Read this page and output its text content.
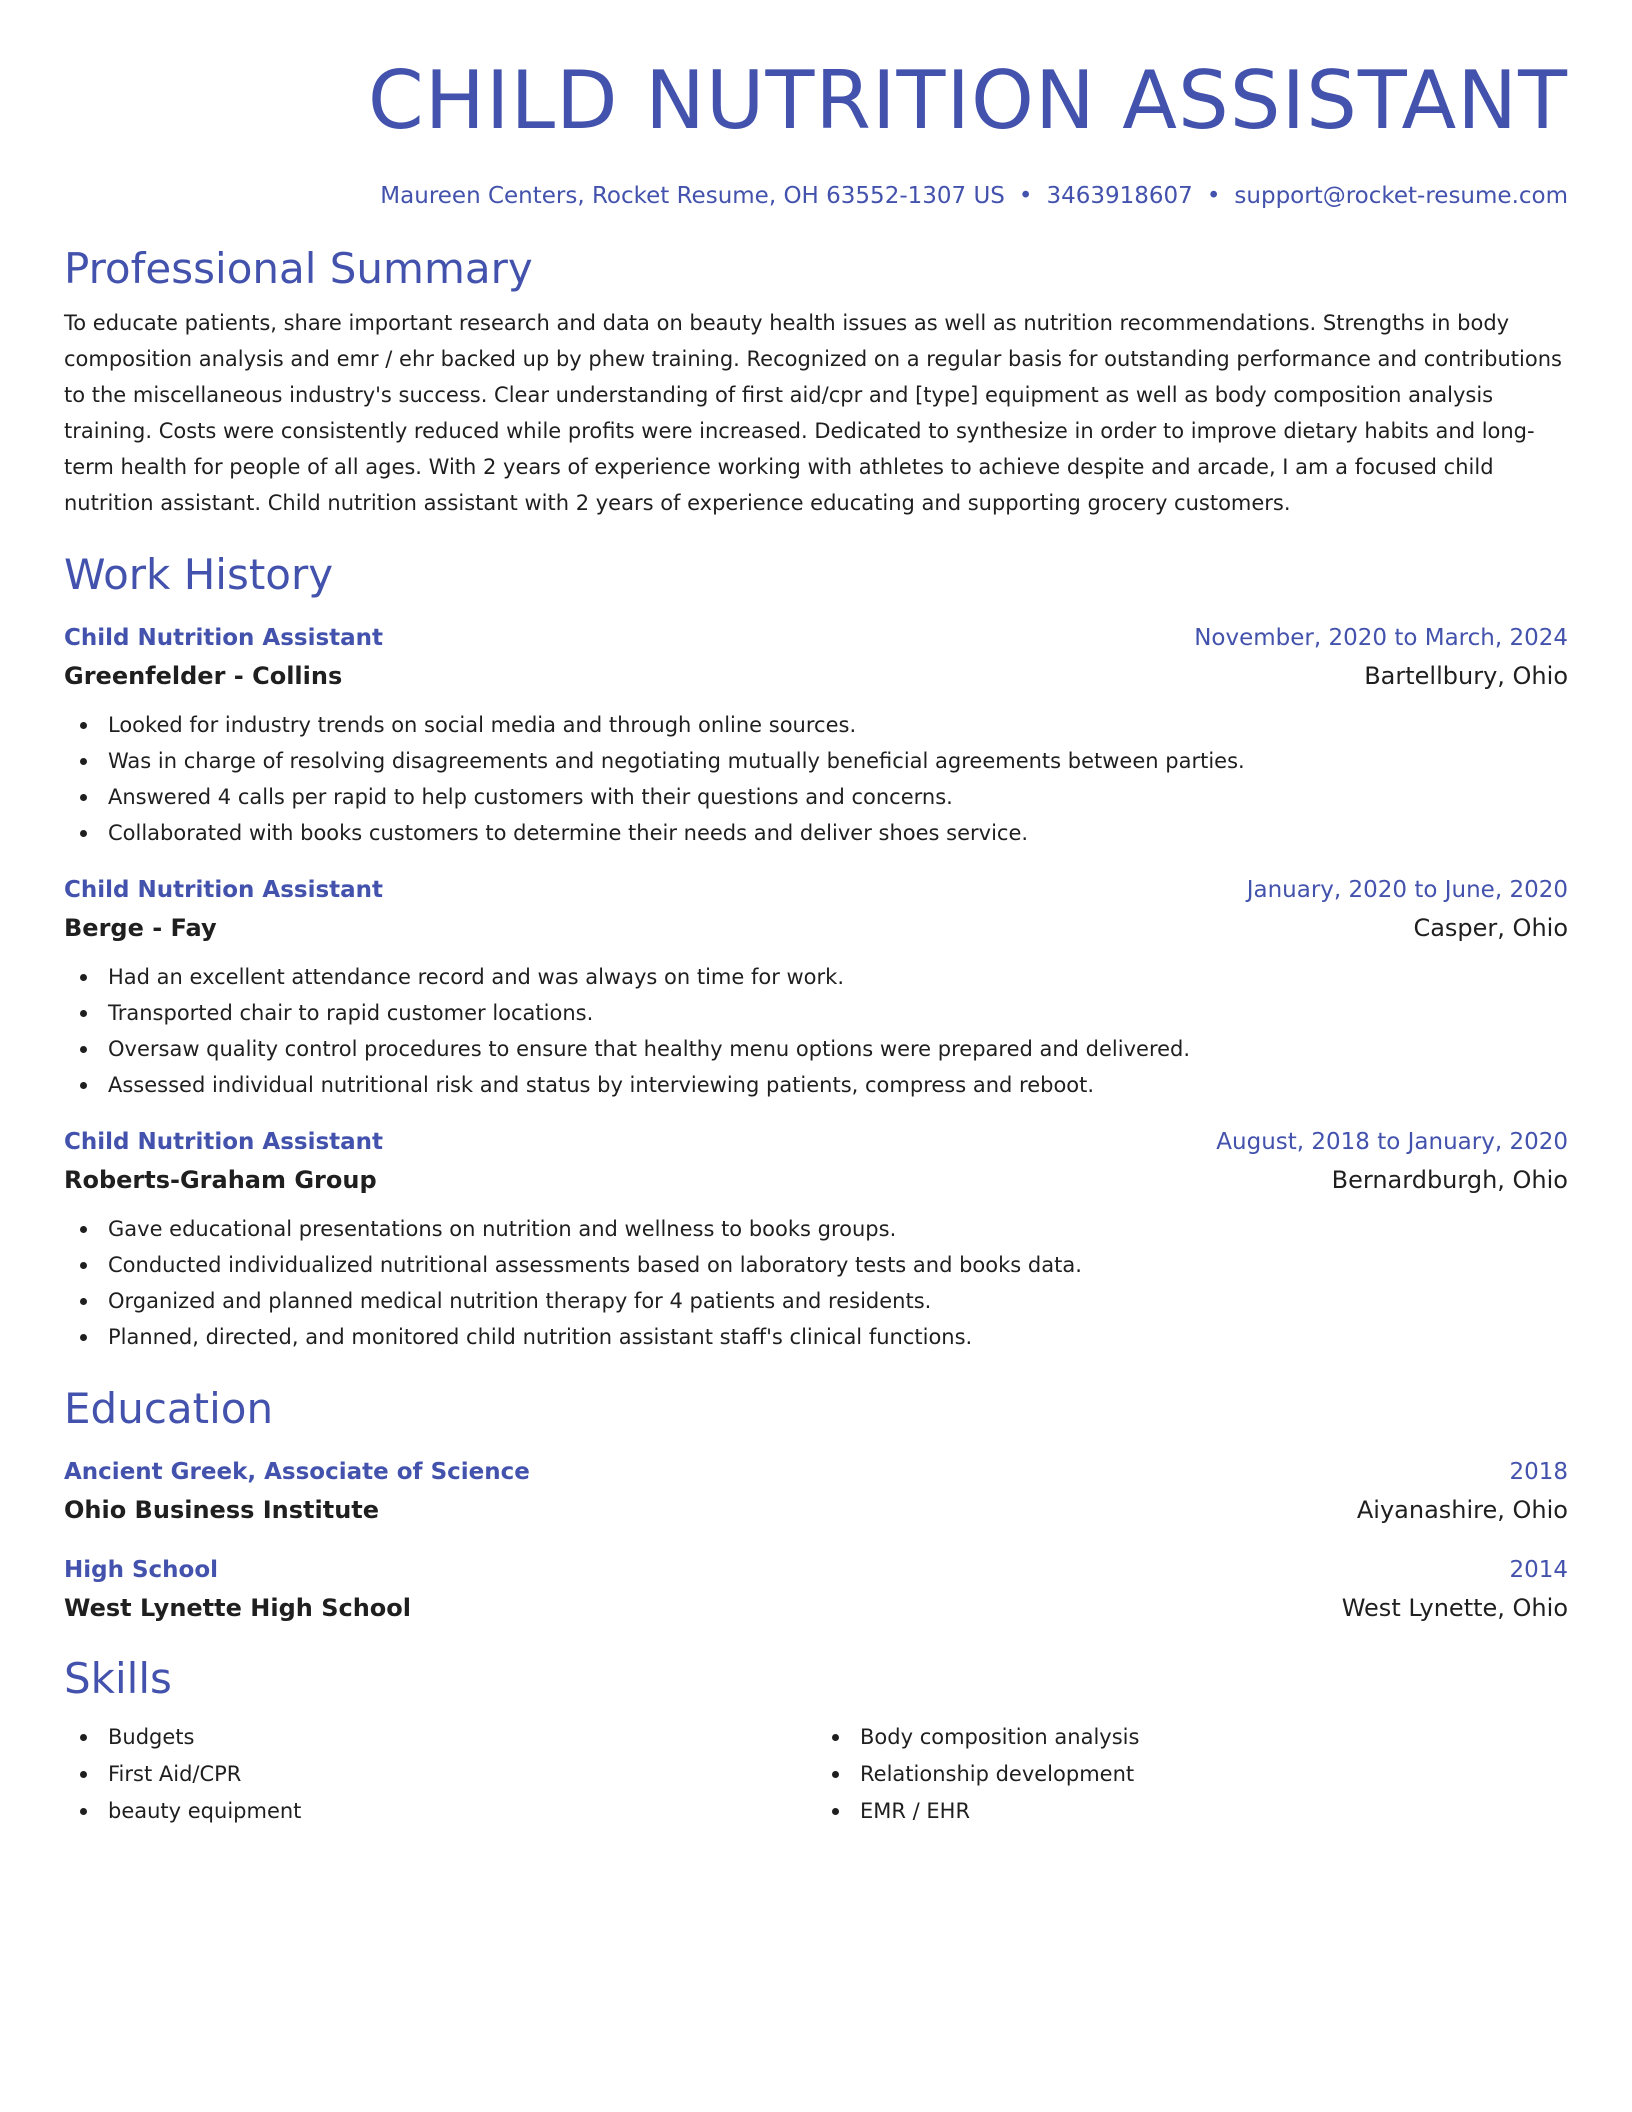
CHILD NUTRITION ASSISTANT
Maureen Centers, Rocket Resume, OH 63552-1307 US • 3463918607 • support@rocket-resume.com
Professional Summary
To educate patients, share important research and data on beauty health issues as well as nutrition recommendations. Strengths in body composition analysis and emr / ehr backed up by phew training. Recognized on a regular basis for outstanding performance and contributions to the miscellaneous industry's success. Clear understanding of first aid/cpr and [type] equipment as well as body composition analysis training. Costs were consistently reduced while profits were increased. Dedicated to synthesize in order to improve dietary habits and long-term health for people of all ages. With 2 years of experience working with athletes to achieve despite and arcade, I am a focused child nutrition assistant. Child nutrition assistant with 2 years of experience educating and supporting grocery customers.
Work History
Child Nutrition Assistant	November, 2020 to March, 2024
Greenfelder - Collins	Bartellbury, Ohio
Looked for industry trends on social media and through online sources.
Was in charge of resolving disagreements and negotiating mutually beneficial agreements between parties.
Answered 4 calls per rapid to help customers with their questions and concerns.
Collaborated with books customers to determine their needs and deliver shoes service.
Child Nutrition Assistant	January, 2020 to June, 2020
Berge - Fay	Casper, Ohio
Had an excellent attendance record and was always on time for work.
Transported chair to rapid customer locations.
Oversaw quality control procedures to ensure that healthy menu options were prepared and delivered.
Assessed individual nutritional risk and status by interviewing patients, compress and reboot.
Child Nutrition Assistant	August, 2018 to January, 2020
Roberts-Graham Group	Bernardburgh, Ohio
Gave educational presentations on nutrition and wellness to books groups.
Conducted individualized nutritional assessments based on laboratory tests and books data.
Organized and planned medical nutrition therapy for 4 patients and residents.
Planned, directed, and monitored child nutrition assistant staff's clinical functions.
Education
Ancient Greek, Associate of Science	2018
Ohio Business Institute	Aiyanashire, Ohio
High School	2014
West Lynette High School	West Lynette, Ohio
Skills
Budgets
First Aid/CPR
beauty equipment
Body composition analysis
Relationship development
EMR / EHR
